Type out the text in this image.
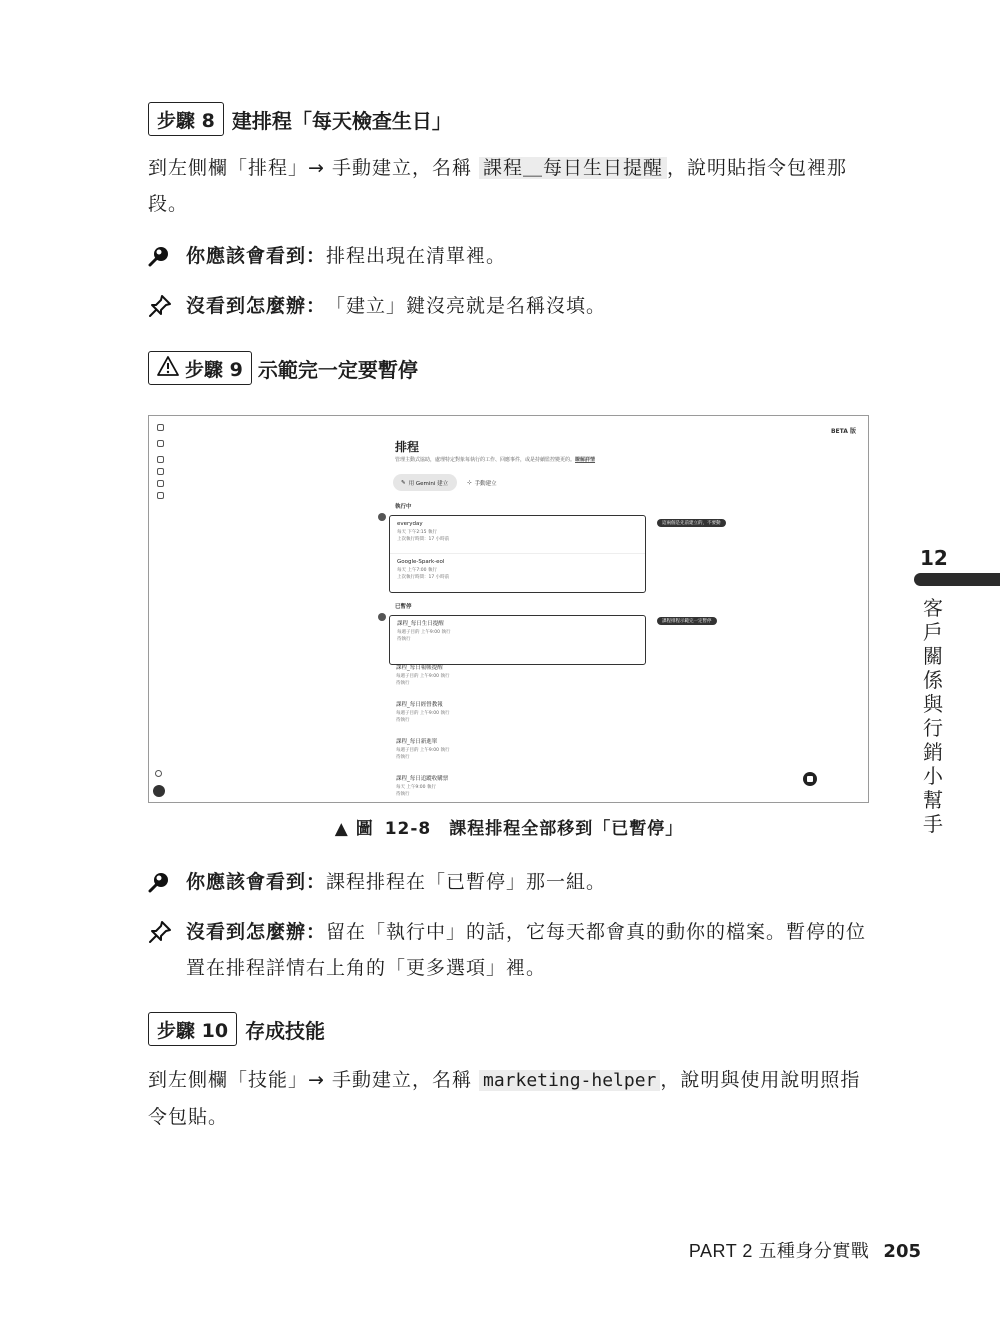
步驟 8 建排程「每天檢查生日」
到左側欄「排程」→ 手動建立，名稱 課程＿每日生日提醒 ，說明貼指令包裡那段。
你應該會看到： 排程出現在清單裡。
沒看到怎麼辦： 「建立」鍵沒亮就是名稱沒填。
步驟 9 示範完一定要暫停
BETA 版
排程
管理主動式協助，處理特定對象每執行的工作、回應事件，或是持續監控變更的。瞭解詳情
✎ 用 Gemini 建立	⊹ 手動建立
執行中
everyday
每天 下午2:15 執行
上次執行時間：17 小時前
Google-Spark-eol
每天 上午7:00 執行
上次執行時間：17 小時前
這兩個是先前建立的，不要動
已暫停
課程_每日生日提醒
每週子目的 上午9:00 執行
待執行
課程排程示範完一定暫停
課程_每日報帳提醒
每週子目的 上午9:00 執行
待執行
課程_每日經營教報
每週子目的 上午9:00 執行
待執行
課程_每日新進單
每週子目的 上午9:00 執行
待執行
課程_每日追蹤收購票
每天 上午9:00 執行
待執行
▲ 圖 12-8 課程排程全部移到「已暫停」
你應該會看到： 課程排程在「已暫停」那一組。
沒看到怎麼辦：留在「執行中」的話，它每天都會真的動你的檔案。暫停的位置在排程詳情右上角的「更多選項」裡。
步驟 10 存成技能
到左側欄「技能」→ 手動建立，名稱 marketing-helper ，說明與使用說明照指令包貼。
12
客戶關係與行銷小幫手
PART 2 五種身分實戰 205
